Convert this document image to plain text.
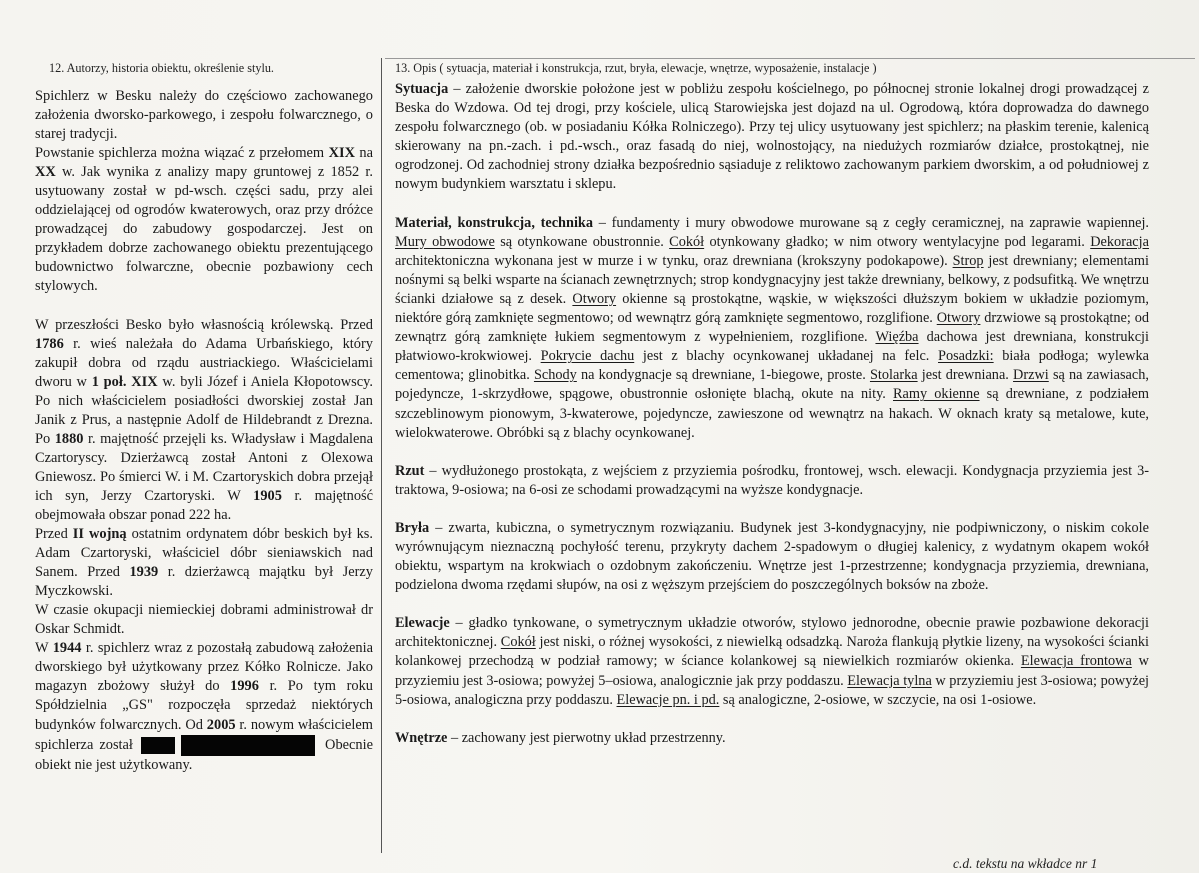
12. Autorzy, historia obiektu, określenie stylu.

Spichlerz w Besku należy do częściowo zachowanego założenia dworsko-parkowego, i zespołu folwarcznego, o starej tradycji.

Powstanie spichlerza można wiązać z przełomem XIX na XX w. Jak wynika z analizy mapy gruntowej z 1852 r. usytuowany został w pd-wsch. części sadu, przy alei oddzielającej od ogrodów kwaterowych, oraz przy dróżce prowadzącej do zabudowy gospodarczej. Jest on przykładem dobrze zachowanego obiektu prezentującego budownictwo folwarczne, obecnie pozbawiony cech stylowych.

W przeszłości Besko było własnością królewską. Przed 1786 r. wieś należała do Adama Urbańskiego, który zakupił dobra od rządu austriackiego. Właścicielami dworu w 1 poł. XIX w. byli Józef i Aniela Kłopotowscy. Po nich właścicielem posiadłości dworskiej został Jan Janik z Prus, a następnie Adolf de Hildebrandt z Drezna. Po 1880 r. majętność przejęli ks. Władysław i Magdalena Czartoryscy. Dzierżawcą został Antoni z Olexowa Gniewosz. Po śmierci W. i M. Czartoryskich dobra przejął ich syn, Jerzy Czartoryski. W 1905 r. majętność obejmowała obszar ponad 222 ha.

Przed II wojną ostatnim ordynatem dóbr beskich był ks. Adam Czartoryski, właściciel dóbr sieniawskich nad Sanem. Przed 1939 r. dzierżawcą majątku był Jerzy Myczkowski.

W czasie okupacji niemieckiej dobrami administrował dr Oskar Schmidt.

W 1944 r. spichlerz wraz z pozostałą zabudową założenia dworskiego był użytkowany przez Kółko Rolnicze. Jako magazyn zbożowy służył do 1996 r. Po tym roku Spółdzielnia „GS" rozpoczęła sprzedaż niektórych budynków folwarcznych. Od 2005 r. nowym właścicielem spichlerza został	Obecnie obiekt nie jest użytkowany.

13. Opis ( sytuacja, materiał i konstrukcja, rzut, bryła, elewacje, wnętrze, wyposażenie, instalacje )

Sytuacja – założenie dworskie położone jest w pobliżu zespołu kościelnego, po północnej stronie lokalnej drogi prowadzącej z Beska do Wzdowa. Od tej drogi, przy kościele, ulicą Starowiejska jest dojazd na ul. Ogrodową, która doprowadza do dawnego zespołu folwarcznego (ob. w posiadaniu Kółka Rolniczego). Przy tej ulicy usytuowany jest spichlerz; na płaskim terenie, kalenicą skierowany na pn.-zach. i pd.-wsch., oraz fasadą do niej, wolnostojący, na niedużych rozmiarów działce, prostokątnej, nie ogrodzonej. Od zachodniej strony działka bezpośrednio sąsiaduje z reliktowo zachowanym parkiem dworskim, a od południowej z nowym budynkiem warsztatu i sklepu.

Materiał, konstrukcja, technika – fundamenty i mury obwodowe murowane są z cegły ceramicznej, na zaprawie wapiennej. Mury obwodowe są otynkowane obustronnie. Cokół otynkowany gładko; w nim otwory wentylacyjne pod legarami. Dekoracja architektoniczna wykonana jest w murze i w tynku, oraz drewniana (krokszyny podokapowe). Strop jest drewniany; elementami nośnymi są belki wsparte na ścianach zewnętrznych; strop kondygnacyjny jest także drewniany, belkowy, z podsufitką. We wnętrzu ścianki działowe są z desek. Otwory okienne są prostokątne, wąskie, w większości dłuższym bokiem w układzie poziomym, niektóre górą zamknięte segmentowo; od wewnątrz górą zamknięte segmentowo, rozglifione. Otwory drzwiowe są prostokątne; od zewnątrz górą zamknięte łukiem segmentowym z wypełnieniem, rozglifione. Więźba dachowa jest drewniana, konstrukcji płatwiowo-krokwiowej. Pokrycie dachu jest z blachy ocynkowanej układanej na felc. Posadzki: biała podłoga; wylewka cementowa; glinobitka. Schody na kondygnacje są drewniane, 1-biegowe, proste. Stolarka jest drewniana. Drzwi są na zawiasach, pojedyncze, 1-skrzydłowe, spągowe, obustronnie osłonięte blachą, okute na nity. Ramy okienne są drewniane, z podziałem szczeblinowym pionowym, 3-kwaterowe, pojedyncze, zawieszone od wewnątrz na hakach. W oknach kraty są metalowe, kute, wielokwaterowe. Obróbki są z blachy ocynkowanej.

Rzut – wydłużonego prostokąta, z wejściem z przyziemia pośrodku, frontowej, wsch. elewacji. Kondygnacja przyziemia jest 3-traktowa, 9-osiowa; na 6-osi ze schodami prowadzącymi na wyższe kondygnacje.

Bryła – zwarta, kubiczna, o symetrycznym rozwiązaniu. Budynek jest 3-kondygnacyjny, nie podpiwniczony, o niskim cokole wyrównującym nieznaczną pochyłość terenu, przykryty dachem 2-spadowym o długiej kalenicy, z wydatnym okapem wokół obiektu, wspartym na krokwiach o ozdobnym zakończeniu. Wnętrze jest 1-przestrzenne; kondygnacja przyziemia, drewniana, podzielona dwoma rzędami słupów, na osi z węższym przejściem do poszczególnych boksów na zboże.

Elewacje – gładko tynkowane, o symetrycznym układzie otworów, stylowo jednorodne, obecnie prawie pozbawione dekoracji architektonicznej. Cokół jest niski, o różnej wysokości, z niewielką odsadzką. Naroża flankują płytkie lizeny, na wysokości ścianki kolankowej przechodzą w podział ramowy; w ściance kolankowej są niewielkich rozmiarów okienka. Elewacja frontowa w przyziemiu jest 3-osiowa; powyżej 5–osiowa, analogicznie jak przy poddaszu. Elewacja tylna w przyziemiu jest 3-osiowa; powyżej 5-osiowa, analogiczna przy poddaszu. Elewacje pn. i pd. są analogiczne, 2-osiowe, w szczycie, na osi 1-osiowe.

Wnętrze – zachowany jest pierwotny układ przestrzenny.

c.d. tekstu na wkładce nr 1
